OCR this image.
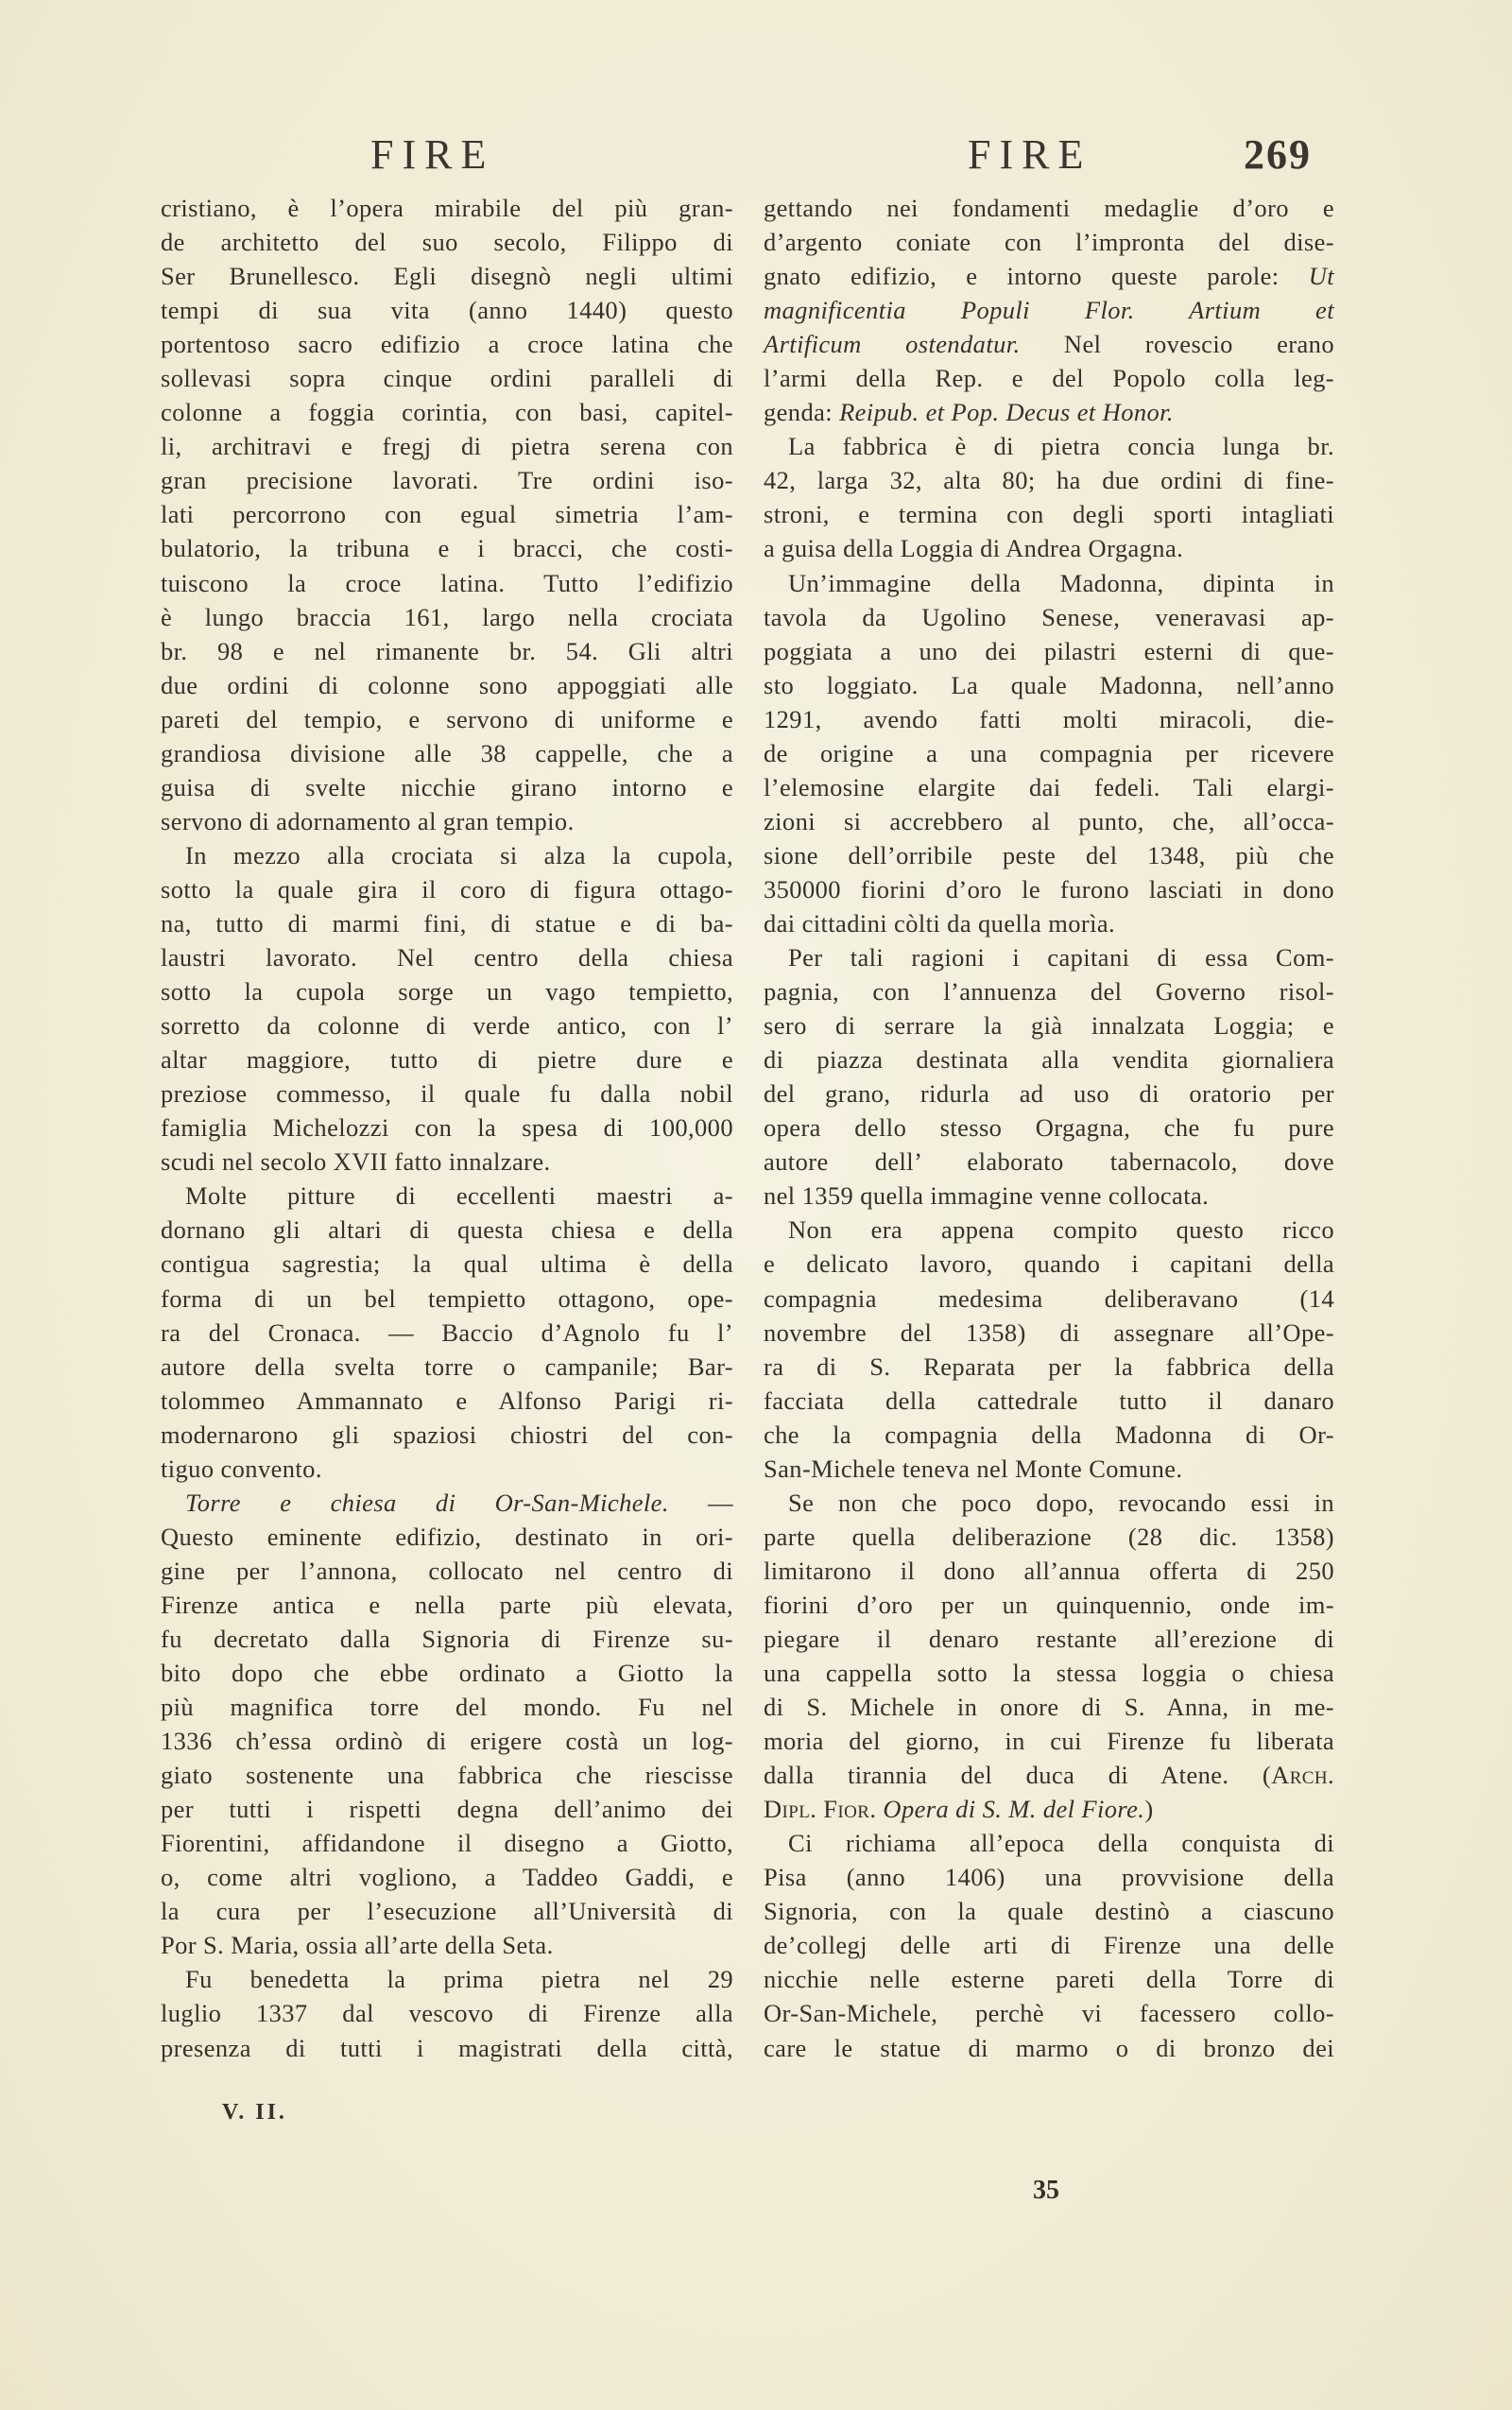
FIRE	FIRE	269
cristiano, è l’opera mirabile del più gran-
de architetto del suo secolo, Filippo di
Ser Brunellesco. Egli disegnò negli ultimi
tempi di sua vita (anno 1440) questo
portentoso sacro edifizio a croce latina che
sollevasi sopra cinque ordini paralleli di
colonne a foggia corintia, con basi, capitel-
li, architravi e fregj di pietra serena con
gran precisione lavorati. Tre ordini iso-
lati percorrono con egual simetria l’am-
bulatorio, la tribuna e i bracci, che costi-
tuiscono la croce latina. Tutto l’edifizio
è lungo braccia 161, largo nella crociata
br. 98 e nel rimanente br. 54. Gli altri
due ordini di colonne sono appoggiati alle
pareti del tempio, e servono di uniforme e
grandiosa divisione alle 38 cappelle, che a
guisa di svelte nicchie girano intorno e
servono di adornamento al gran tempio.
In mezzo alla crociata si alza la cupola,
sotto la quale gira il coro di figura ottago-
na, tutto di marmi fini, di statue e di ba-
laustri lavorato. Nel centro della chiesa
sotto la cupola sorge un vago tempietto,
sorretto da colonne di verde antico, con l’
altar maggiore, tutto di pietre dure e
preziose commesso, il quale fu dalla nobil
famiglia Michelozzi con la spesa di 100,000
scudi nel secolo XVII fatto innalzare.
Molte pitture di eccellenti maestri a-
dornano gli altari di questa chiesa e della
contigua sagrestia; la qual ultima è della
forma di un bel tempietto ottagono, ope-
ra del Cronaca. — Baccio d’Agnolo fu l’
autore della svelta torre o campanile; Bar-
tolommeo Ammannato e Alfonso Parigi ri-
modernarono gli spaziosi chiostri del con-
tiguo convento.
Torre e chiesa di Or-San-Michele. —
Questo eminente edifizio, destinato in ori-
gine per l’annona, collocato nel centro di
Firenze antica e nella parte più elevata,
fu decretato dalla Signoria di Firenze su-
bito dopo che ebbe ordinato a Giotto la
più magnifica torre del mondo. Fu nel
1336 ch’essa ordinò di erigere costà un log-
giato sostenente una fabbrica che riescisse
per tutti i rispetti degna dell’animo dei
Fiorentini, affidandone il disegno a Giotto,
o, come altri vogliono, a Taddeo Gaddi, e
la cura per l’esecuzione all’Università di
Por S. Maria, ossia all’arte della Seta.
Fu benedetta la prima pietra nel 29
luglio 1337 dal vescovo di Firenze alla
presenza di tutti i magistrati della città,
gettando nei fondamenti medaglie d’oro e
d’argento coniate con l’impronta del dise-
gnato edifizio, e intorno queste parole: Ut
magnificentia Populi Flor. Artium et
Artificum ostendatur. Nel rovescio erano
l’armi della Rep. e del Popolo colla leg-
genda: Reipub. et Pop. Decus et Honor.
La fabbrica è di pietra concia lunga br.
42, larga 32, alta 80; ha due ordini di fine-
stroni, e termina con degli sporti intagliati
a guisa della Loggia di Andrea Orgagna.
Un’immagine della Madonna, dipinta in
tavola da Ugolino Senese, veneravasi ap-
poggiata a uno dei pilastri esterni di que-
sto loggiato. La quale Madonna, nell’anno
1291, avendo fatti molti miracoli, die-
de origine a una compagnia per ricevere
l’elemosine elargite dai fedeli. Tali elargi-
zioni si accrebbero al punto, che, all’occa-
sione dell’orribile peste del 1348, più che
350000 fiorini d’oro le furono lasciati in dono
dai cittadini còlti da quella morìa.
Per tali ragioni i capitani di essa Com-
pagnia, con l’annuenza del Governo risol-
sero di serrare la già innalzata Loggia; e
di piazza destinata alla vendita giornaliera
del grano, ridurla ad uso di oratorio per
opera dello stesso Orgagna, che fu pure
autore dell’ elaborato tabernacolo, dove
nel 1359 quella immagine venne collocata.
Non era appena compito questo ricco
e delicato lavoro, quando i capitani della
compagnia medesima deliberavano (14
novembre del 1358) di assegnare all’Ope-
ra di S. Reparata per la fabbrica della
facciata della cattedrale tutto il danaro
che la compagnia della Madonna di Or-
San-Michele teneva nel Monte Comune.
Se non che poco dopo, revocando essi in
parte quella deliberazione (28 dic. 1358)
limitarono il dono all’annua offerta di 250
fiorini d’oro per un quinquennio, onde im-
piegare il denaro restante all’erezione di
una cappella sotto la stessa loggia o chiesa
di S. Michele in onore di S. Anna, in me-
moria del giorno, in cui Firenze fu liberata
dalla tirannia del duca di Atene. (Arch.
Dipl. Fior. Opera di S. M. del Fiore.)
Ci richiama all’epoca della conquista di
Pisa (anno 1406) una provvisione della
Signoria, con la quale destinò a ciascuno
de’collegj delle arti di Firenze una delle
nicchie nelle esterne pareti della Torre di
Or-San-Michele, perchè vi facessero collo-
care le statue di marmo o di bronzo dei
V. II.
35
